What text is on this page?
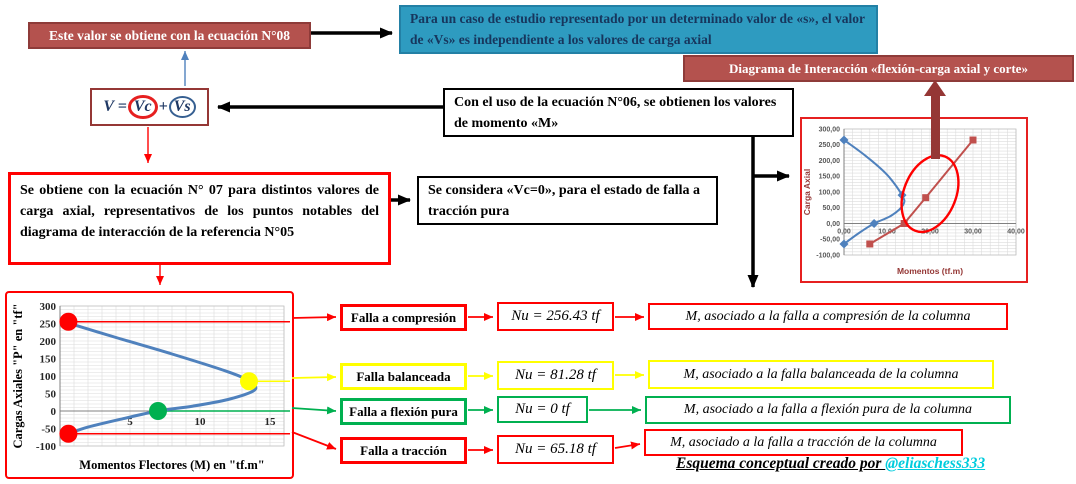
Este valor se obtiene con la ecuación N°08
Para un caso de estudio representado por un determinado valor de «s», el valor de «Vs» es independiente a los valores de carga axial
Diagrama de Interacción «flexión-carga axial y corte»
V = Vc + Vs	Con el uso de la ecuación N°06, se obtienen los valores de momento «M»
Se obtiene con la ecuación N° 07 para distintos valores de carga axial, representativos de los puntos notables del diagrama de interacción de la referencia N°05
Se considera «Vc=0», para el estado de falla a tracción pura
300
250
200
150
100
50
0
-50
-100
5	10	15
Cargas Axiales "P" en "tf"
Momentos Flectores (M) en "tf.m"
300,00
250,00
200,00
150,00
100,00
50,00
0,00
-50,00
-100,00
0,00	10,00	20,00	30,00	40,00
Carga Axial
Momentos (tf.m)
Falla a compresión
Falla balanceada
Falla a flexión pura
Falla a tracción
Nu = 256.43 tf
Nu = 81.28 tf
Nu = 0 tf
Nu = 65.18 tf
M, asociado a la falla a compresión de la columna
M, asociado a la falla balanceada de la columna
M, asociado a la falla a flexión pura de la columna
M, asociado a la falla a tracción de la columna
Esquema conceptual creado por @eliaschess333
